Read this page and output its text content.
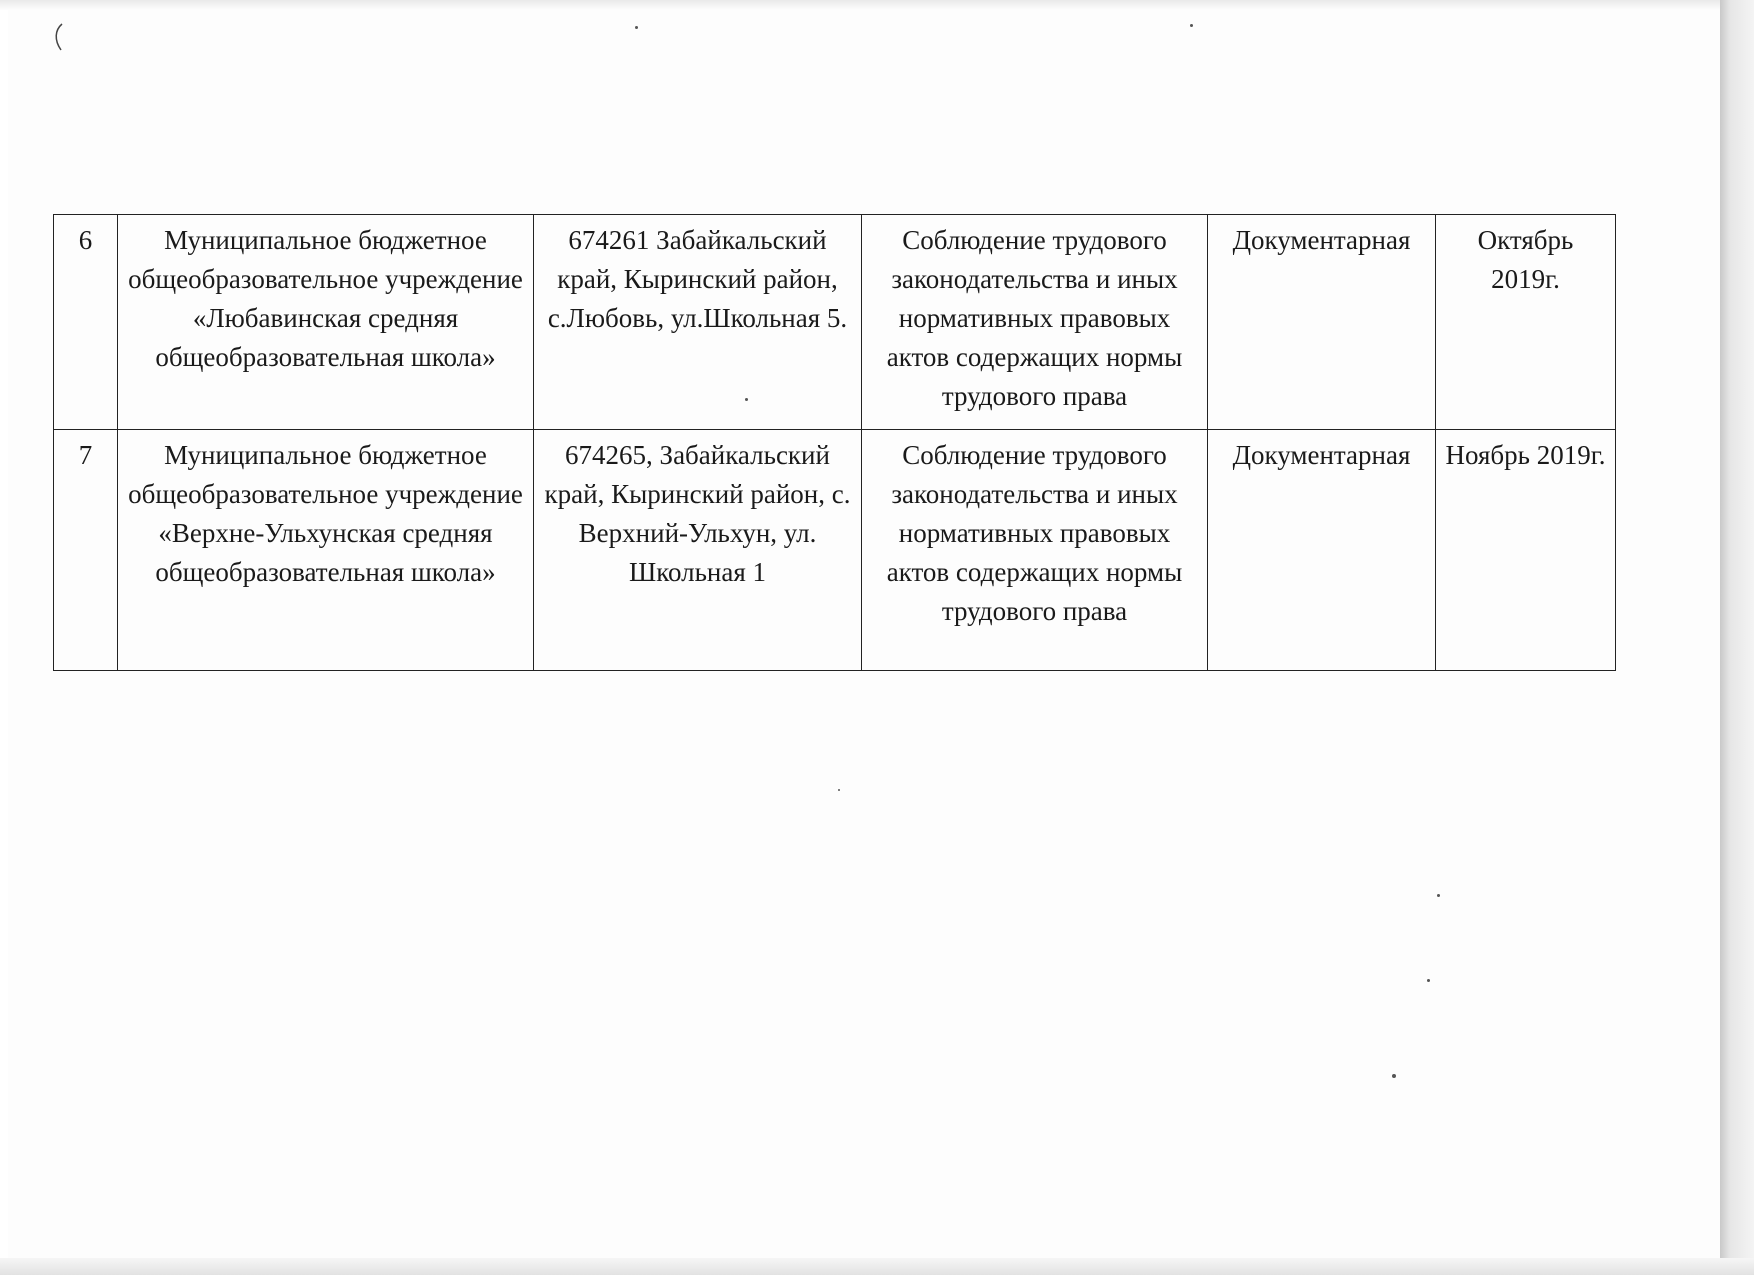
6	Муниципальное бюджетное общеобразовательное учреждение «Любавинская средняя общеобразовательная школа»	674261 Забайкальский край, Кыринский район, с.Любовь, ул.Школьная 5.	Соблюдение трудового законодательства и иных нормативных правовых актов содержащих нормы трудового права	Документарная	Октябрь 2019г.
7	Муниципальное бюджетное общеобразовательное учреждение «Верхне-Ульхунская средняя общеобразовательная школа»	674265, Забайкальский край, Кыринский район, с. Верхний-Ульхун, ул. Школьная 1	Соблюдение трудового законодательства и иных нормативных правовых актов содержащих нормы трудового права	Документарная	Ноябрь 2019г.
